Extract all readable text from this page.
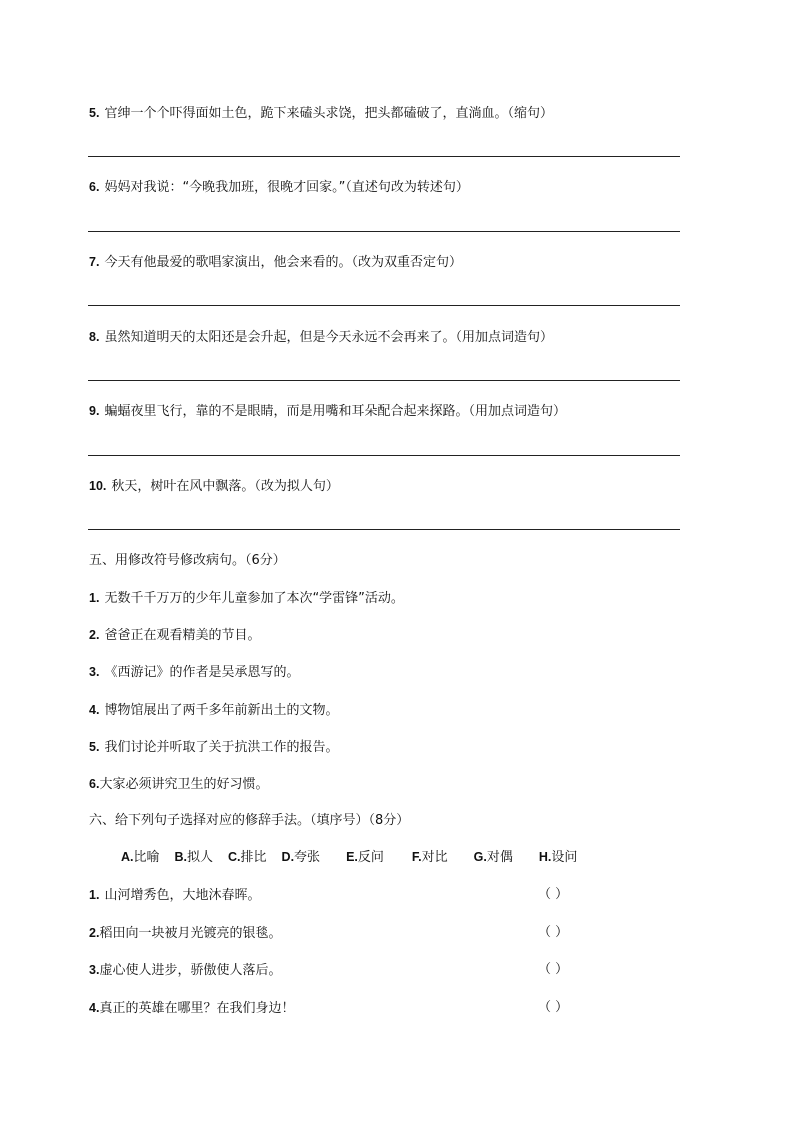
5. 官绅一个个吓得面如土色，跪下来磕头求饶，把头都磕破了，直淌血。（缩句）
6. 妈妈对我说：“今晚我加班，很晚才回家。”（直述句改为转述句）
7. 今天有他最爱的歌唱家演出，他会来看的。（改为双重否定句）
8. 虽然知道明天的太阳还是会升起，但是今天永远不会再来了。（用加点词造句）
9. 蝙蝠夜里飞行，靠的不是眼睛，而是用嘴和耳朵配合起来探路。（用加点词造句）
10. 秋天，树叶在风中飘落。（改为拟人句）
五、用修改符号修改病句。（6分）
1. 无数千千万万的少年儿童参加了本次“学雷锋”活动。
2. 爸爸正在观看精美的节目。
3. 《西游记》的作者是吴承恩写的。
4. 博物馆展出了两千多年前新出土的文物。
5. 我们讨论并听取了关于抗洪工作的报告。
6.大家必须讲究卫生的好习惯。
六、给下列句子选择对应的修辞手法。（填序号）（8分）
A.比喻 B.拟人 C.排比 D.夸张 E.反问 F.对比 G.对偶 H.设问
1. 山河增秀色，大地沐春晖。	（ ）
2.稻田向一块被月光镀亮的银毯。	（ ）
3.虚心使人进步，骄傲使人落后。	（ ）
4.真正的英雄在哪里？在我们身边！	（ ）
